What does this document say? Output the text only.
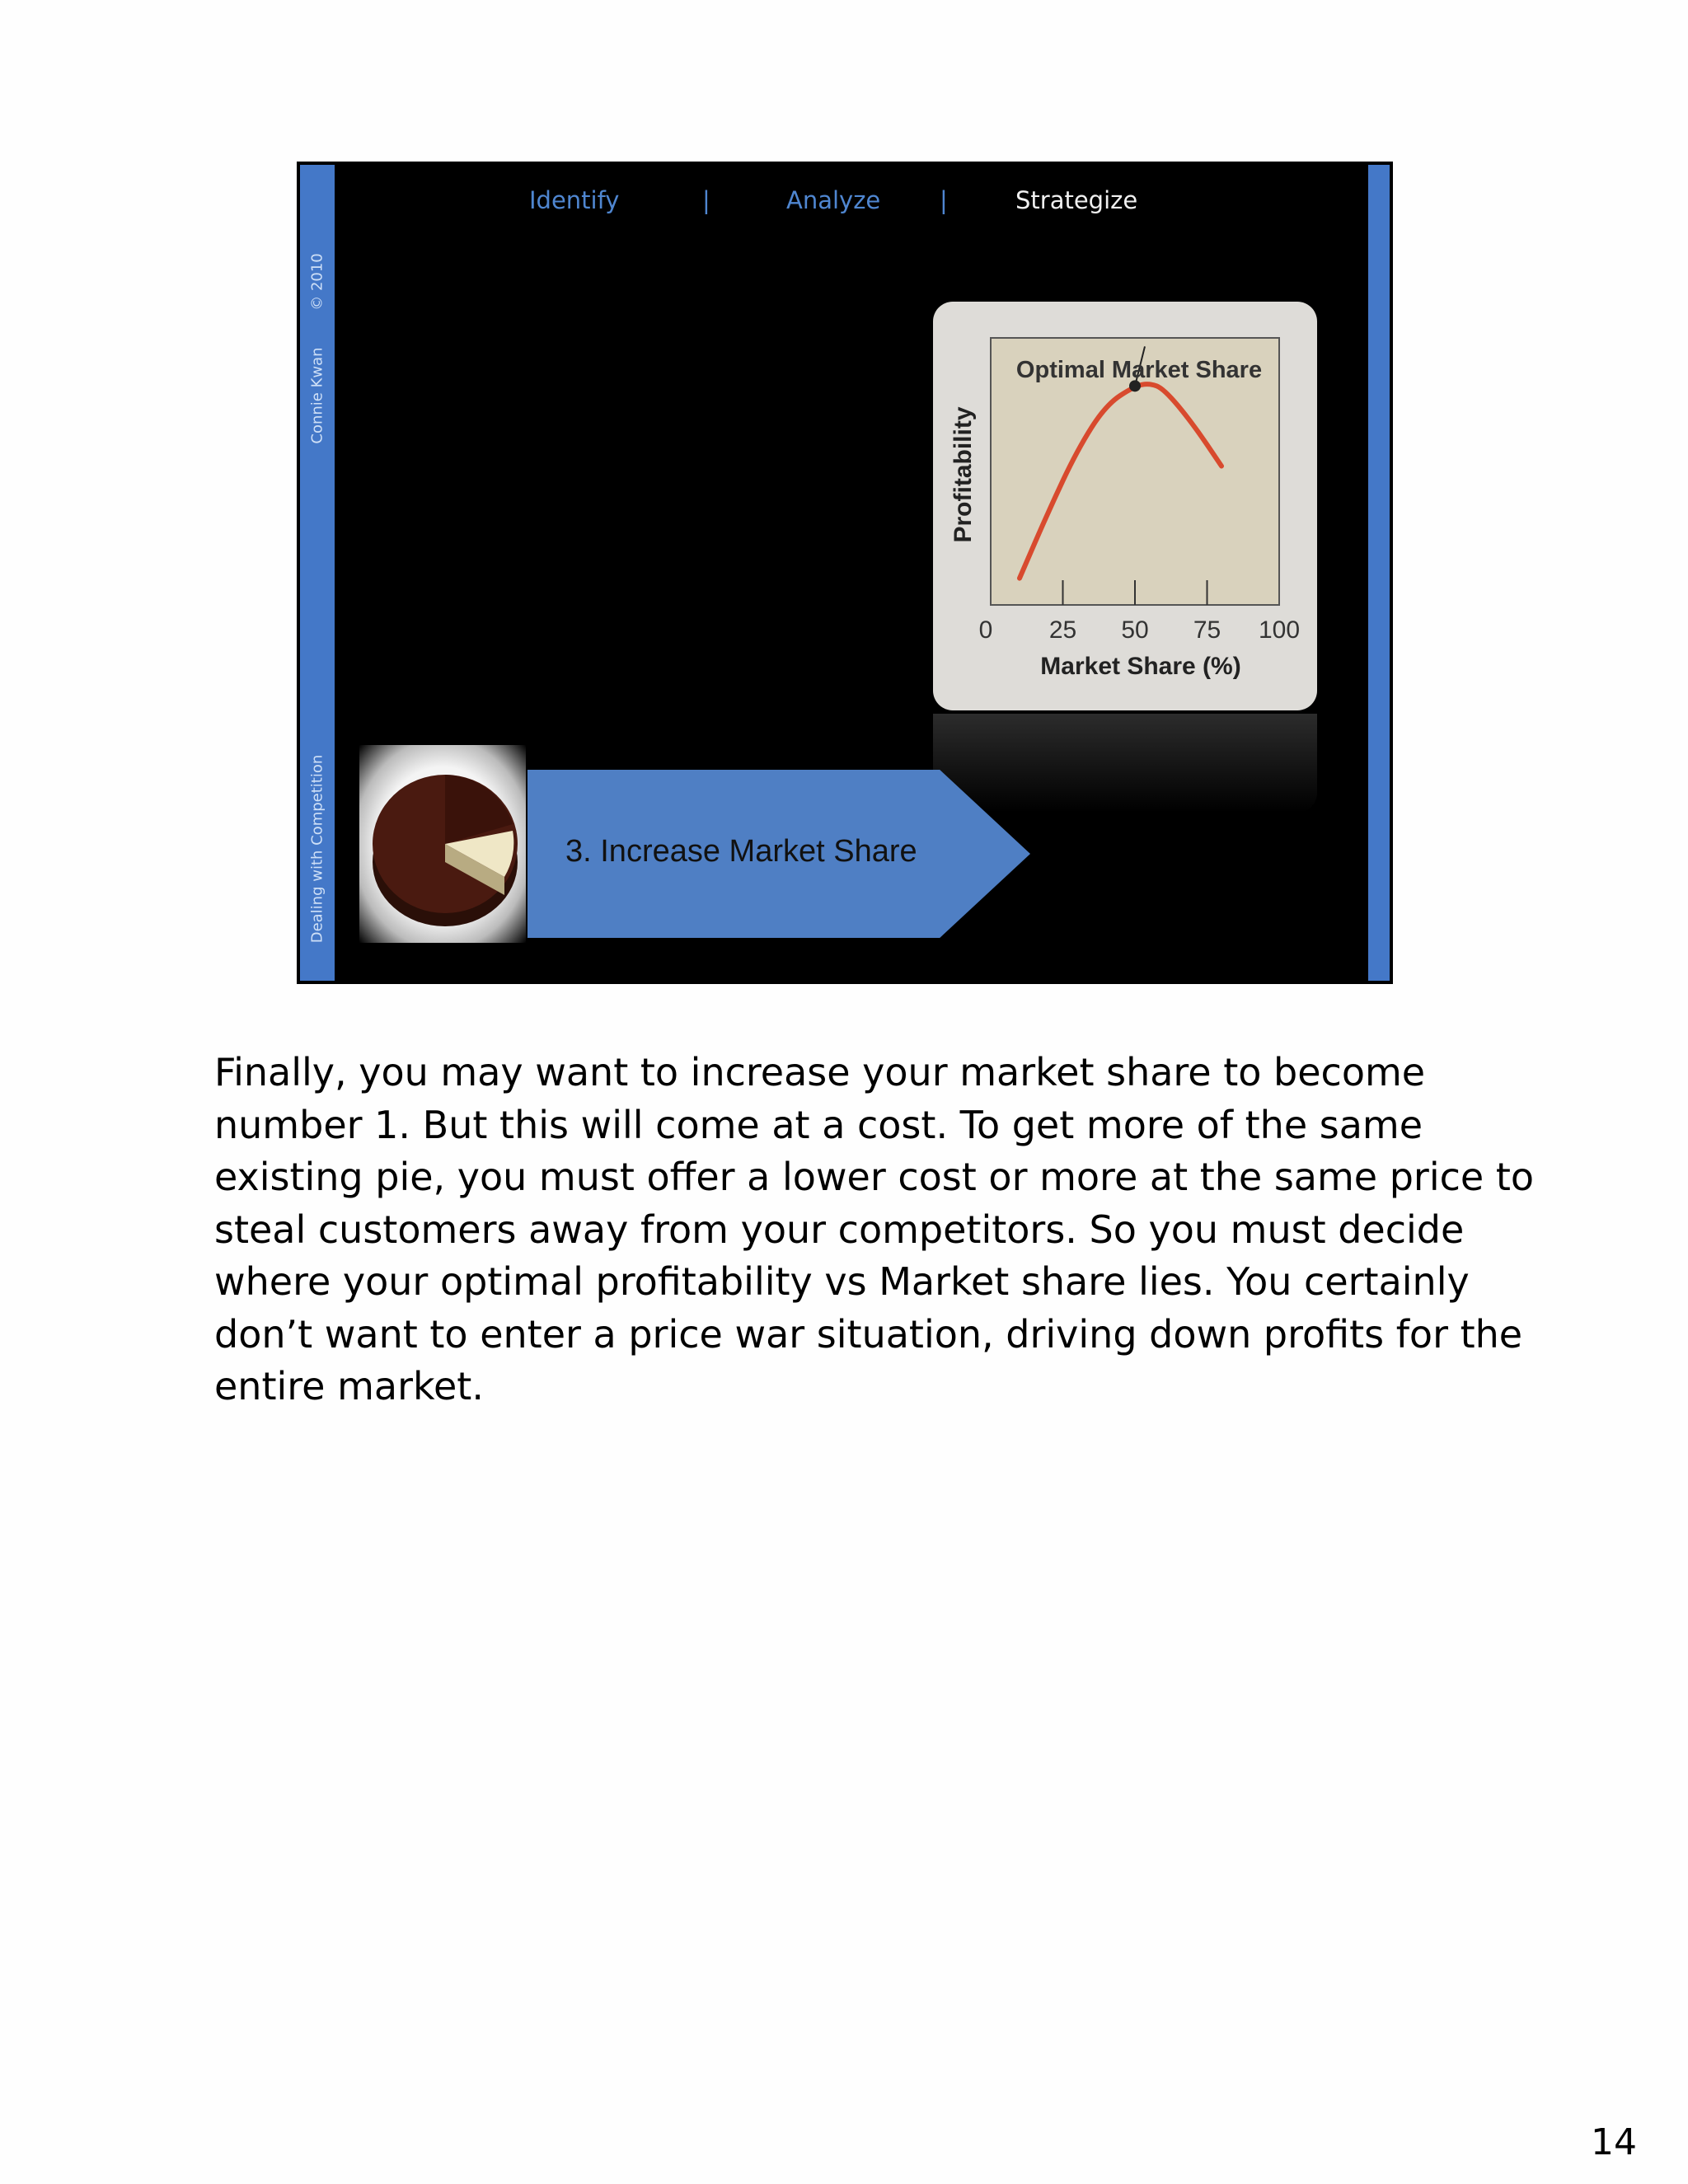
© 2010
Connie Kwan
Dealing with Competition
Identify	|	Analyze |	Strategize
Optimal Market Share
Profitability
0 25 50 75 100
Market Share (%)
3. Increase Market Share

Finally, you may want to increase your market share to become

number 1. But this will come at a cost. To get more of the same

existing pie, you must offer a lower cost or more at the same price to

steal customers away from your competitors. So you must decide

where your optimal profitability vs Market share lies. You certainly

don’t want to enter a price war situation, driving down profits for the

entire market.

14
